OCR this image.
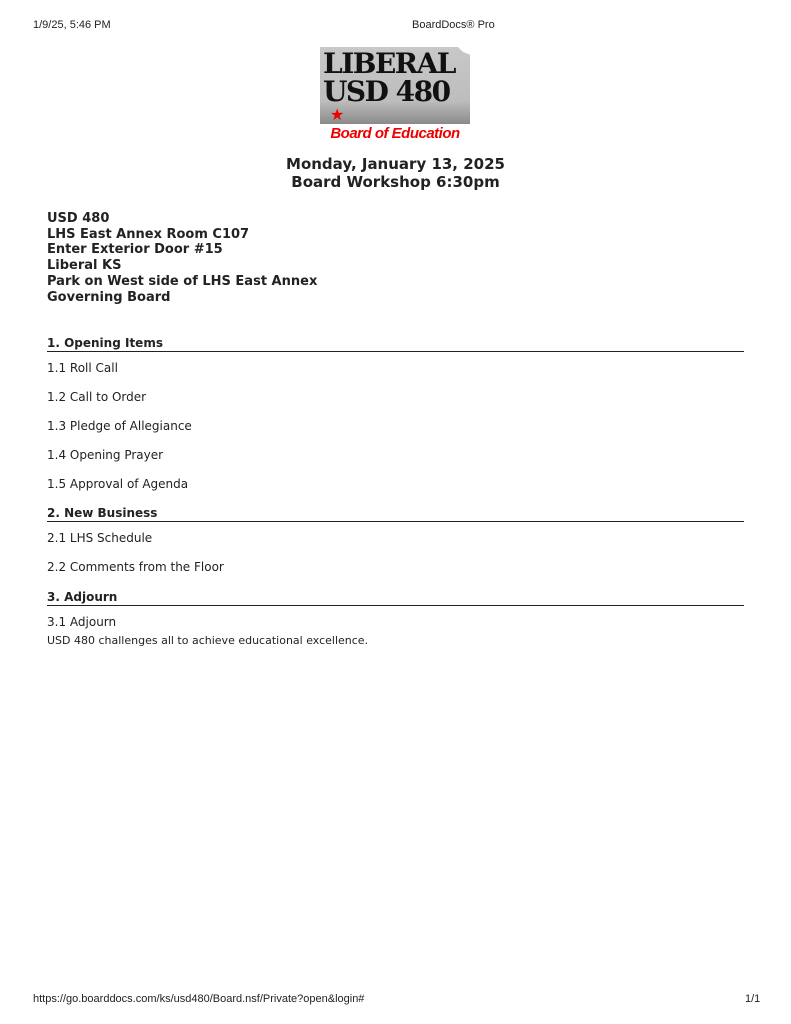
1/9/25, 5:46 PM	BoardDocs® Pro
LIBERAL
USD 480
★
Board of Education
Monday, January 13, 2025
Board Workshop 6:30pm
USD 480
LHS East Annex Room C107
Enter Exterior Door #15
Liberal KS
Park on West side of LHS East Annex
Governing Board
1. Opening Items
1.1 Roll Call
1.2 Call to Order
1.3 Pledge of Allegiance
1.4 Opening Prayer
1.5 Approval of Agenda
2. New Business
2.1 LHS Schedule
2.2 Comments from the Floor
3. Adjourn
3.1 Adjourn
USD 480 challenges all to achieve educational excellence.
https://go.boarddocs.com/ks/usd480/Board.nsf/Private?open&login#	1/1
